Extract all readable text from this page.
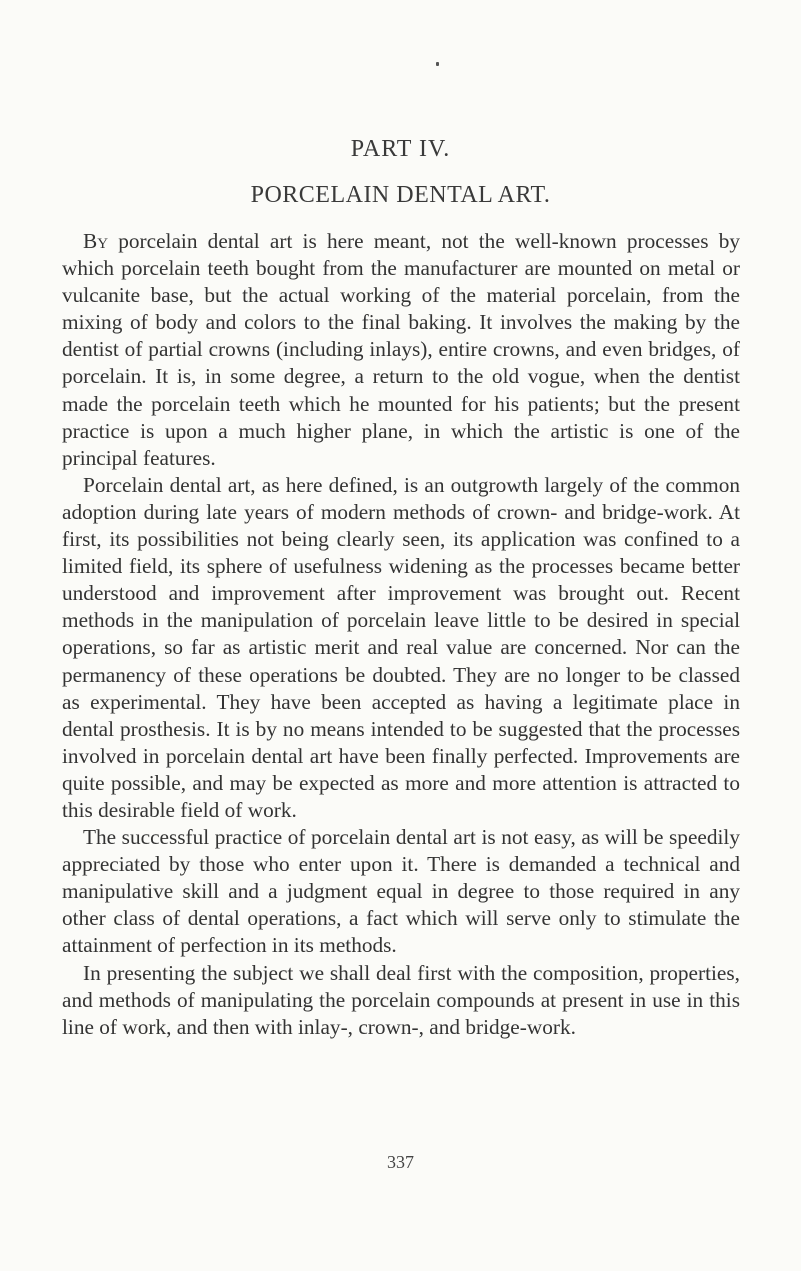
PART IV.
PORCELAIN DENTAL ART.

By porcelain dental art is here meant, not the well-known processes by which porcelain teeth bought from the manufacturer are mounted on metal or vulcanite base, but the actual working of the material porcelain, from the mixing of body and colors to the final baking. It involves the making by the dentist of partial crowns (including inlays), entire crowns, and even bridges, of porcelain. It is, in some degree, a return to the old vogue, when the dentist made the porcelain teeth which he mounted for his patients; but the present practice is upon a much higher plane, in which the artistic is one of the principal features.

Porcelain dental art, as here defined, is an outgrowth largely of the common adoption during late years of modern methods of crown- and bridge-work. At first, its possibilities not being clearly seen, its application was confined to a limited field, its sphere of usefulness widening as the processes became better understood and improvement after improvement was brought out. Recent methods in the manipulation of porcelain leave little to be desired in special operations, so far as artistic merit and real value are concerned. Nor can the permanency of these operations be doubted. They are no longer to be classed as experimental. They have been accepted as having a legitimate place in dental prosthesis. It is by no means intended to be suggested that the processes involved in porcelain dental art have been finally perfected. Improvements are quite possible, and may be expected as more and more attention is attracted to this desirable field of work.

The successful practice of porcelain dental art is not easy, as will be speedily appreciated by those who enter upon it. There is demanded a technical and manipulative skill and a judgment equal in degree to those required in any other class of dental operations, a fact which will serve only to stimulate the attainment of perfection in its methods.

In presenting the subject we shall deal first with the composition, properties, and methods of manipulating the porcelain compounds at present in use in this line of work, and then with inlay-, crown-, and bridge-work.

337
